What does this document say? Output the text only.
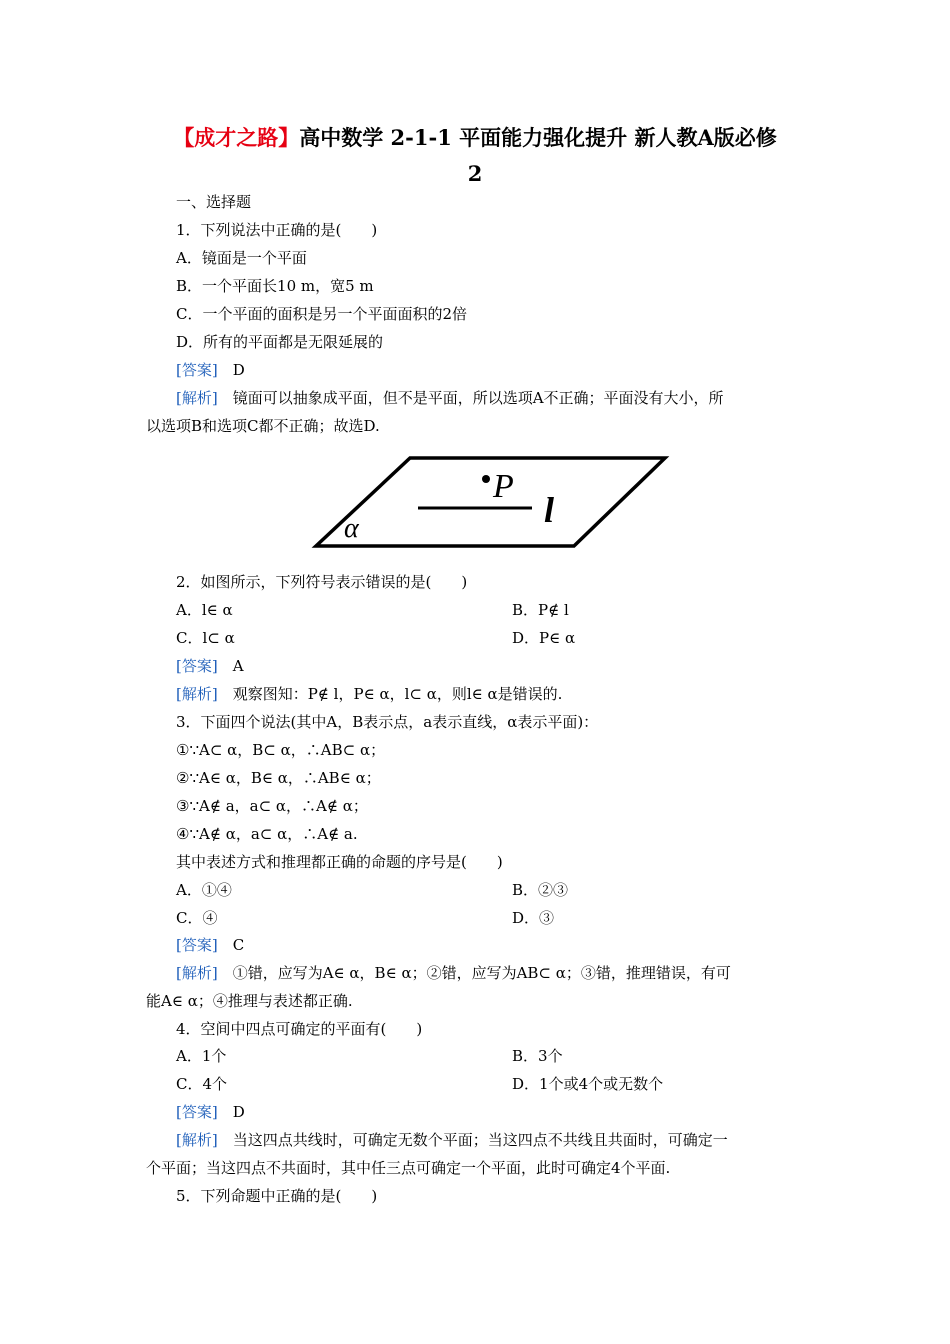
【成才之路】高中数学 2-1-1 平面能力强化提升 新人教A版必修
2
一、选择题
1．下列说法中正确的是(　　)
A．镜面是一个平面
B．一个平面长10 m，宽5 m
C．一个平面的面积是另一个平面面积的2倍
D．所有的平面都是无限延展的
[答案]  D
[解析]  镜面可以抽象成平面，但不是平面，所以选项A不正确；平面没有大小，所
以选项B和选项C都不正确；故选D.
P
l
α
2．如图所示，下列符号表示错误的是(　　)
A．l∈ α	B．P∉ l
C．l⊂ α	D．P∈ α
[答案]  A
[解析]  观察图知：P∉ l，P∈ α，l⊂ α，则l∈ α是错误的.
3．下面四个说法(其中A，B表示点，a表示直线，α表示平面)：
①∵A⊂ α，B⊂ α，∴AB⊂ α；
②∵A∈ α，B∈ α，∴AB∈ α；
③∵A∉ a，a⊂ α，∴A∉ α；
④∵A∉ α，a⊂ α，∴A∉ a.
其中表述方式和推理都正确的命题的序号是(　　)
A．①④	B．②③
C．④	D．③
[答案]  C
[解析]  ①错，应写为A∈ α，B∈ α；②错，应写为AB⊂ α；③错，推理错误，有可
能A∈ α；④推理与表述都正确.
4．空间中四点可确定的平面有(　　)
A．1个	B．3个
C．4个	D．1个或4个或无数个
[答案]  D
[解析]  当这四点共线时，可确定无数个平面；当这四点不共线且共面时，可确定一
个平面；当这四点不共面时，其中任三点可确定一个平面，此时可确定4个平面.
5．下列命题中正确的是(　　)
